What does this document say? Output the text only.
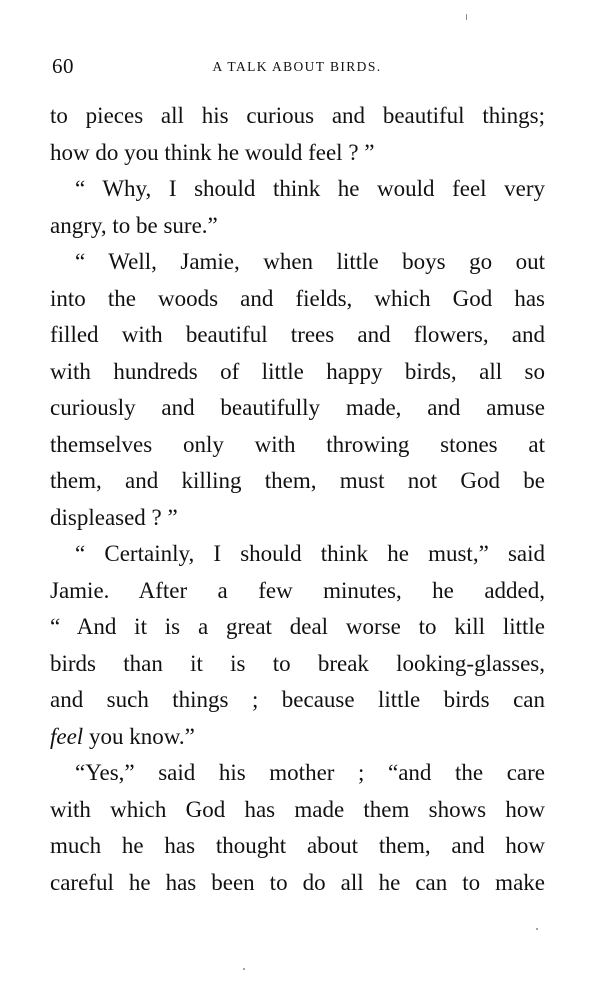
60	A TALK ABOUT BIRDS.
to pieces all his curious and beautiful things;
how do you think he would feel ? ”
“ Why, I should think he would feel very
angry, to be sure.”
“ Well, Jamie, when little boys go out
into the woods and fields, which God has
filled with beautiful trees and flowers, and
with hundreds of little happy birds, all so
curiously and beautifully made, and amuse
themselves only with throwing stones at
them, and killing them, must not God be
displeased ? ”
“ Certainly, I should think he must,” said
Jamie. After a few minutes, he added,
“ And it is a great deal worse to kill little
birds than it is to break looking-glasses,
and such things ; because little birds can
feel you know.”
“Yes,” said his mother ; “and the care
with which God has made them shows how
much he has thought about them, and how
careful he has been to do all he can to make
